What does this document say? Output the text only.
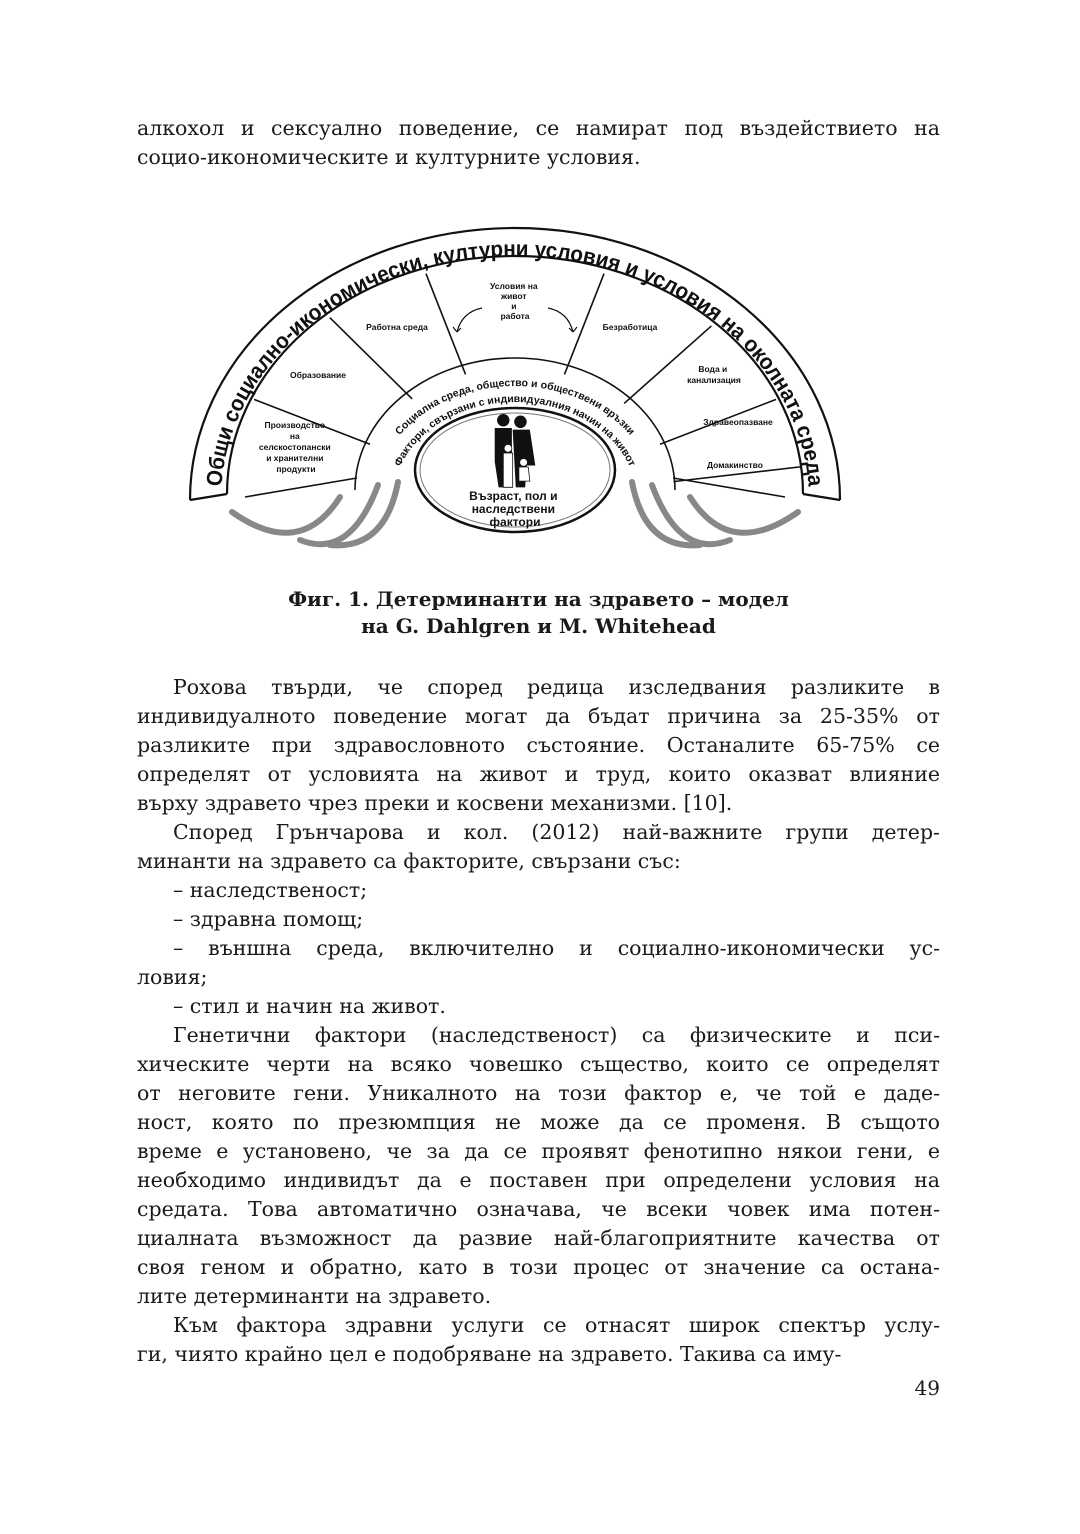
алкохол и сексуално поведение, се намират под въздействието на
социо-икономическите и културните условия.
Общи социално-икономически, културни условия и условия на околната среда
Възраст, пол и наследствени фактори
Социална среда, общество и обществени връзки
Фактори, свързани с индивидуалния начин на живот
Условия на живот и работа
Работна среда
Образование
Производство на селскостопански и хранителни продукти
Безработица
Вода и канализация
Здравеопазване
Домакинство
Фиг. 1. Детерминанти на здравето – модел
на G. Dahlgren и M. Whitehead
Рохова твърди, че според редица изследвания разликите в
индивидуалното поведение могат да бъдат причина за 25-35% от
разликите при здравословното състояние. Останалите 65-75% се
определят от условията на живот и труд, които оказват влияние
върху здравето чрез преки и косвени механизми. [10].
Според Грънчарова и кол. (2012) най-важните групи детер-
минанти на здравето са факторите, свързани със:
– наследственост;
– здравна помощ;
– външна среда, включително и социално-икономически ус-
ловия;
– стил и начин на живот.
Генетични фактори (наследственост) са физическите и пси-
хическите черти на всяко човешко същество, които се определят
от неговите гени. Уникалното на този фактор е, че той е даде-
ност, която по презюмпция не може да се променя. В същото
време е установено, че за да се проявят фенотипно някои гени, е
необходимо индивидът да е поставен при определени условия на
средата. Това автоматично означава, че всеки човек има потен-
циалната възможност да развие най-благоприятните качества от
своя геном и обратно, като в този процес от значение са остана-
лите детерминанти на здравето.
Към фактора здравни услуги се отнасят широк спектър услу-
ги, чиято крайно цел е подобряване на здравето. Такива са иму-
49
